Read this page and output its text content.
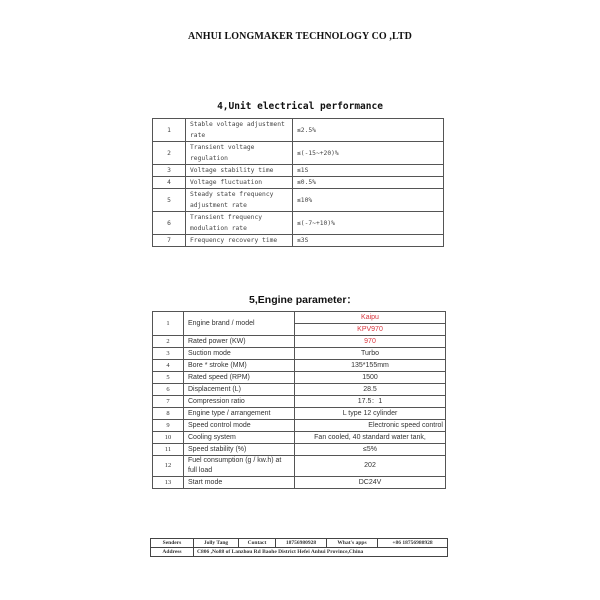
ANHUI LONGMAKER TECHNOLOGY CO ,LTD
4,Unit electrical performance
1	Stable voltage adjustment rate	≤2.5%
2	Transient voltage regulation	≤(-15~+20)%
3	Voltage stability time	≤1S
4	Voltage fluctuation	≤0.5%
5	Steady state frequency adjustment rate	≤10%
6	Transient frequency modulation rate	≤(-7~+10)%
7	Frequency recovery time	≤3S
5,Engine parameter：
1	Engine brand / model	Kaipu
		KPV970
2	Rated power (KW)	970
3	Suction mode	Turbo
4	Bore * stroke (MM)	135*155mm
5	Rated speed (RPM)	1500
6	Displacement (L)	28.5
7	Compression ratio	17.5：1
8	Engine type / arrangement	L type 12 cylinder
9	Speed control mode	Electronic speed control
10	Cooling system	Fan cooled, 40 standard water tank,
11	Speed stability (%)	≤5%
12	Fuel consumption (g / kw.h) at full load	202
13	Start mode	DC24V
Senders	Jolly Tang	Contact	18756980928	What's apps	+86 18756980928
Address	C806 ,No88 of Lanzhou Rd Baohe District Hefei Anhui Province,China				
